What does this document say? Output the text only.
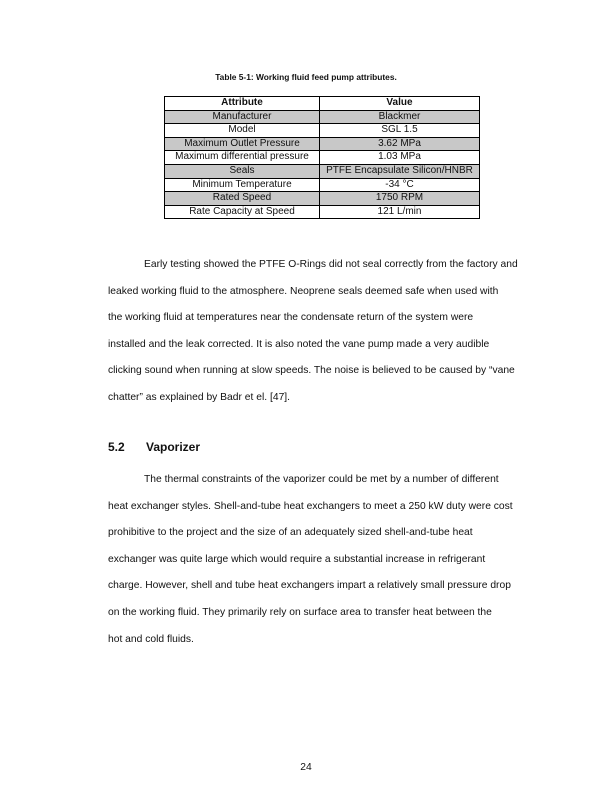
Table 5-1: Working fluid feed pump attributes.
Attribute	Value
Manufacturer	Blackmer
Model	SGL 1.5
Maximum Outlet Pressure	3.62 MPa
Maximum differential pressure	1.03 MPa
Seals	PTFE Encapsulate Silicon/HNBR
Minimum Temperature	-34 °C
Rated Speed	1750 RPM
Rate Capacity at Speed	121 L/min

Early testing showed the PTFE O-Rings did not seal correctly from the factory and
leaked working fluid to the atmosphere. Neoprene seals deemed safe when used with
the working fluid at temperatures near the condensate return of the system were
installed and the leak corrected. It is also noted the vane pump made a very audible
clicking sound when running at slow speeds. The noise is believed to be caused by “vane
chatter” as explained by Badr et el. [47].

5.2 Vaporizer

The thermal constraints of the vaporizer could be met by a number of different
heat exchanger styles. Shell-and-tube heat exchangers to meet a 250 kW duty were cost
prohibitive to the project and the size of an adequately sized shell-and-tube heat
exchanger was quite large which would require a substantial increase in refrigerant
charge. However, shell and tube heat exchangers impart a relatively small pressure drop
on the working fluid. They primarily rely on surface area to transfer heat between the
hot and cold fluids.

24
